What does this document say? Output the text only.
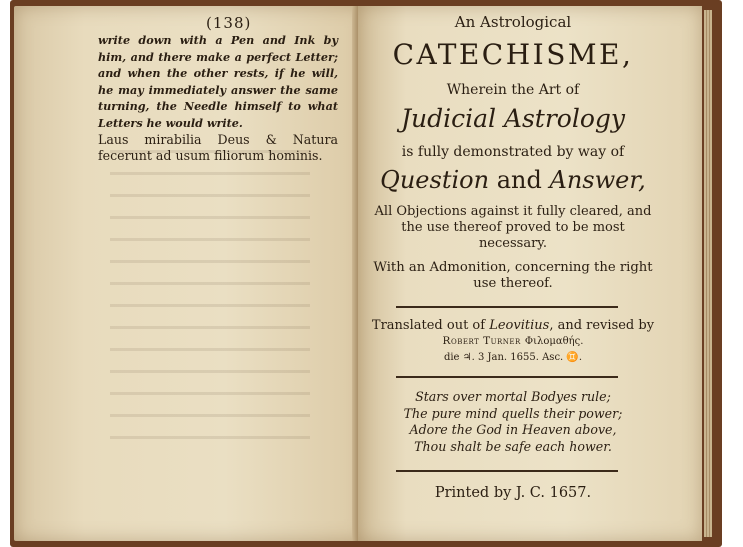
(138)
write down with a Pen and Ink by him, and there make a perfect Letter; and when the other rests, if he will, he may immediately answer the same turning, the Needle himself to what Letters he would write.
Laus mirabilia Deus & Natura fecerunt ad usum filiorum hominis.
An Astrological
CATECHISME,
Wherein the Art of
Judicial Astrology
is fully demonstrated by way of
Question and Answer,
All Objections against it fully cleared, and the use thereof proved to be most necessary.
With an Admonition, concerning the right use thereof.
Translated out of Leovitius, and revised by Robert Turner Φιλομαθής.
die ♃. 3 Jan. 1655. Asc. ♊.
Stars over mortal Bodyes rule;
The pure mind quells their power;
Adore the God in Heaven above,
Thou shalt be safe each hower.
Printed by J. C. 1657.
